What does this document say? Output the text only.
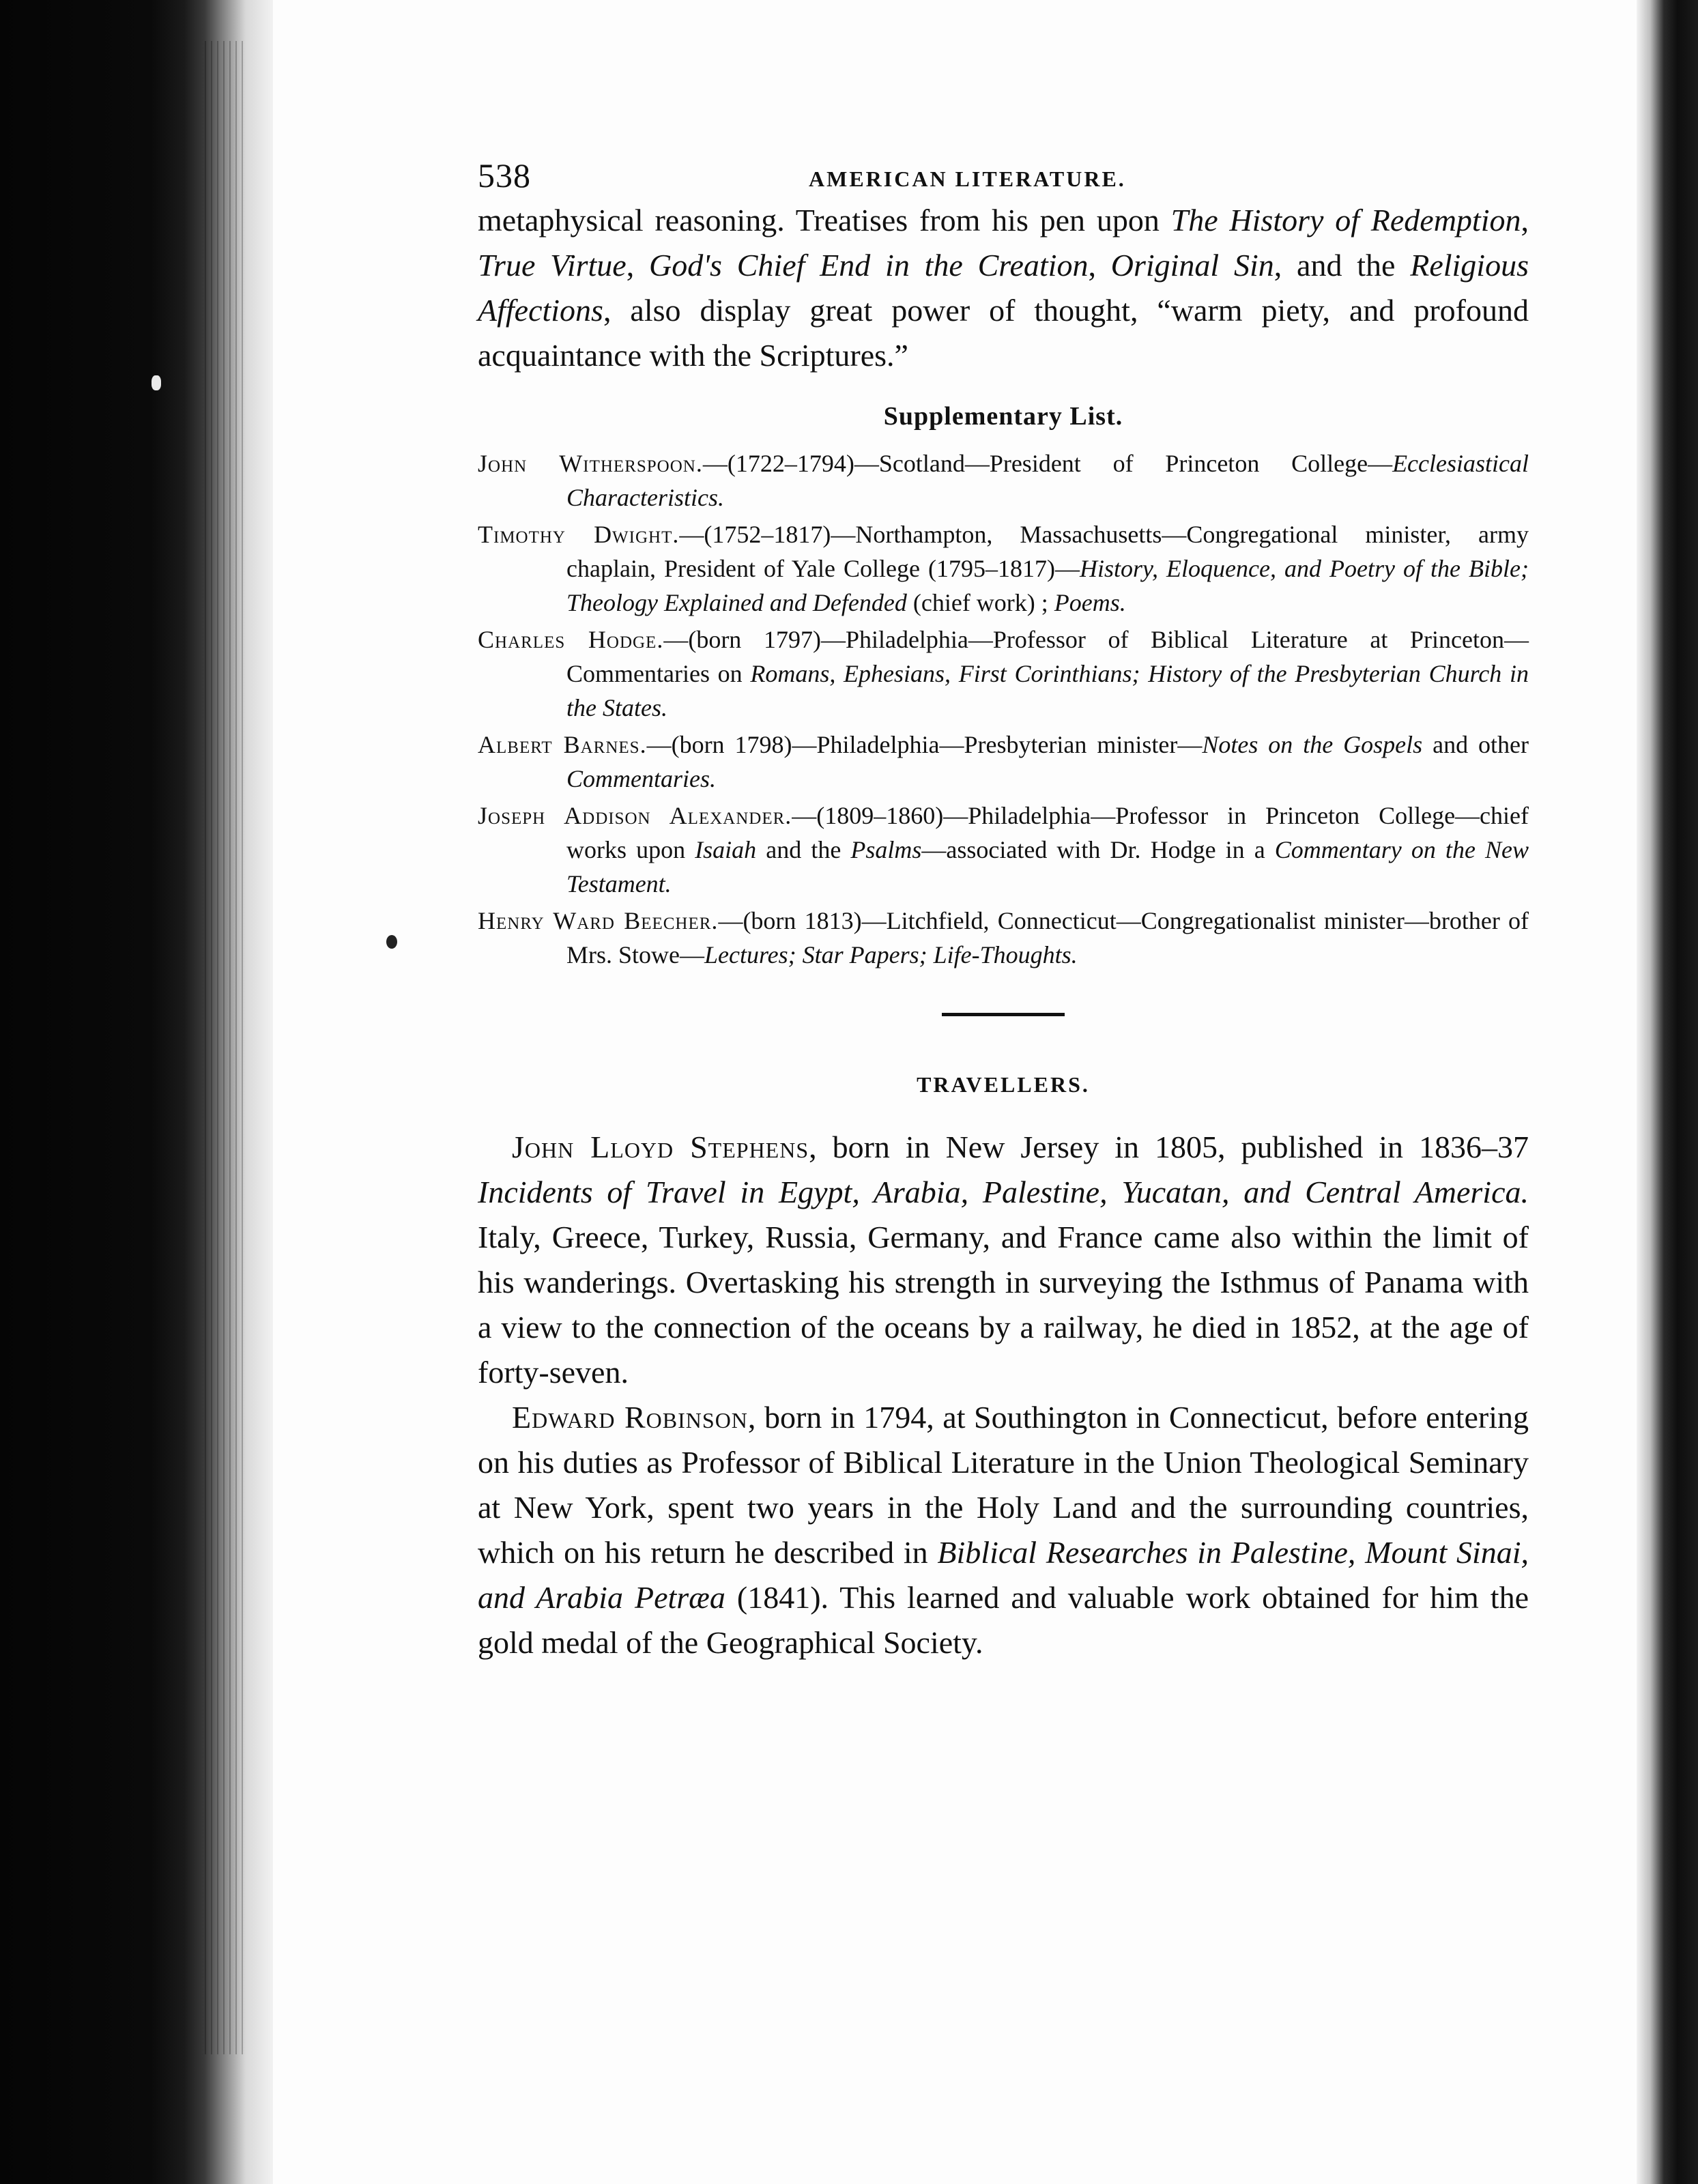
538	AMERICAN LITERATURE.

metaphysical reasoning. Treatises from his pen upon The History of Redemption, True Virtue, God's Chief End in the Creation, Original Sin, and the Religious Affections, also display great power of thought, “warm piety, and profound acquaintance with the Scriptures.”

Supplementary List.

John Witherspoon.—(1722–1794)—Scotland—President of Princeton College—Ecclesiastical Characteristics.

Timothy Dwight.—(1752–1817)—Northampton, Massachusetts—Congregational minister, army chaplain, President of Yale College (1795–1817)—History, Eloquence, and Poetry of the Bible; Theology Explained and Defended (chief work) ; Poems.

Charles Hodge.—(born 1797)—Philadelphia—Professor of Biblical Literature at Princeton—Commentaries on Romans, Ephesians, First Corinthians; History of the Presbyterian Church in the States.

Albert Barnes.—(born 1798)—Philadelphia—Presbyterian minister—Notes on the Gospels and other Commentaries.

Joseph Addison Alexander.—(1809–1860)—Philadelphia—Professor in Princeton College—chief works upon Isaiah and the Psalms—associated with Dr. Hodge in a Commentary on the New Testament.

Henry Ward Beecher.—(born 1813)—Litchfield, Connecticut—Congregationalist minister—brother of Mrs. Stowe—Lectures; Star Papers; Life-Thoughts.

TRAVELLERS.

John Lloyd Stephens, born in New Jersey in 1805, published in 1836–37 Incidents of Travel in Egypt, Arabia, Palestine, Yucatan, and Central America. Italy, Greece, Turkey, Russia, Germany, and France came also within the limit of his wanderings. Overtasking his strength in surveying the Isthmus of Panama with a view to the connection of the oceans by a railway, he died in 1852, at the age of forty-seven.

Edward Robinson, born in 1794, at Southington in Connecticut, before entering on his duties as Professor of Biblical Literature in the Union Theological Seminary at New York, spent two years in the Holy Land and the surrounding countries, which on his return he described in Biblical Researches in Palestine, Mount Sinai, and Arabia Petræa (1841). This learned and valuable work obtained for him the gold medal of the Geographical Society.
